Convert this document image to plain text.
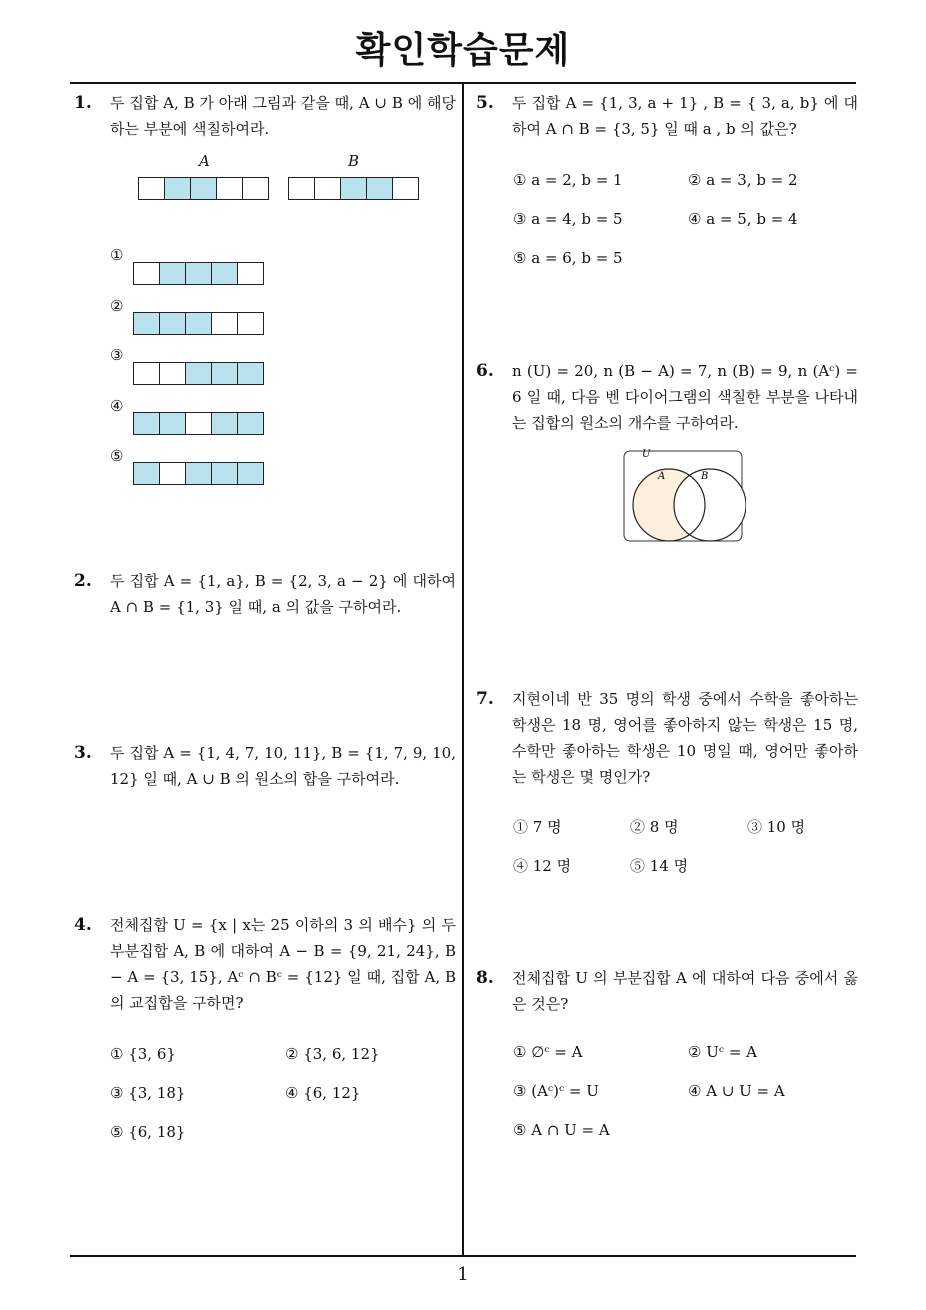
확인학습문제
1
1. 두 집합 A, B 가 아래 그림과 같을 때, A ∪ B 에 해당하는 부분에 색칠하여라.
A	B
①
②
③
④
⑤
2. 두 집합 A = {1, a}, B = {2, 3, a − 2} 에 대하여 A ∩ B = {1, 3} 일 때, a 의 값을 구하여라.
3. 두 집합 A = {1, 4, 7, 10, 11}, B = {1, 7, 9, 10, 12} 일 때, A ∪ B 의 원소의 합을 구하여라.
4. 전체집합 U = {x | x는 25 이하의 3 의 배수} 의 두 부분집합 A, B 에 대하여 A − B = {9, 21, 24}, B − A = {3, 15}, Aᶜ ∩ Bᶜ = {12} 일 때, 집합 A, B 의 교집합을 구하면?
① {3, 6}	② {3, 6, 12}
③ {3, 18}	④ {6, 12}
⑤ {6, 18}
5. 두 집합 A = {1, 3, a + 1} , B = { 3, a, b} 에 대하여 A ∩ B = {3, 5} 일 때 a , b 의 값은?
① a = 2, b = 1	② a = 3, b = 2
③ a = 4, b = 5	④ a = 5, b = 4
⑤ a = 6, b = 5
6. n (U) = 20, n (B − A) = 7, n (B) = 9, n (Aᶜ) = 6 일 때, 다음 벤 다이어그램의 색칠한 부분을 나타내는 집합의 원소의 개수를 구하여라.
U
A	B
7. 지현이네 반 35 명의 학생 중에서 수학을 좋아하는 학생은 18 명, 영어를 좋아하지 않는 학생은 15 명, 수학만 좋아하는 학생은 10 명일 때, 영어만 좋아하는 학생은 몇 명인가?
① 7 명	② 8 명	③ 10 명
④ 12 명	⑤ 14 명
8. 전체집합 U 의 부분집합 A 에 대하여 다음 중에서 옳은 것은?
① ∅ᶜ = A	② Uᶜ = A
③ (Aᶜ)ᶜ = U	④ A ∪ U = A
⑤ A ∩ U = A
